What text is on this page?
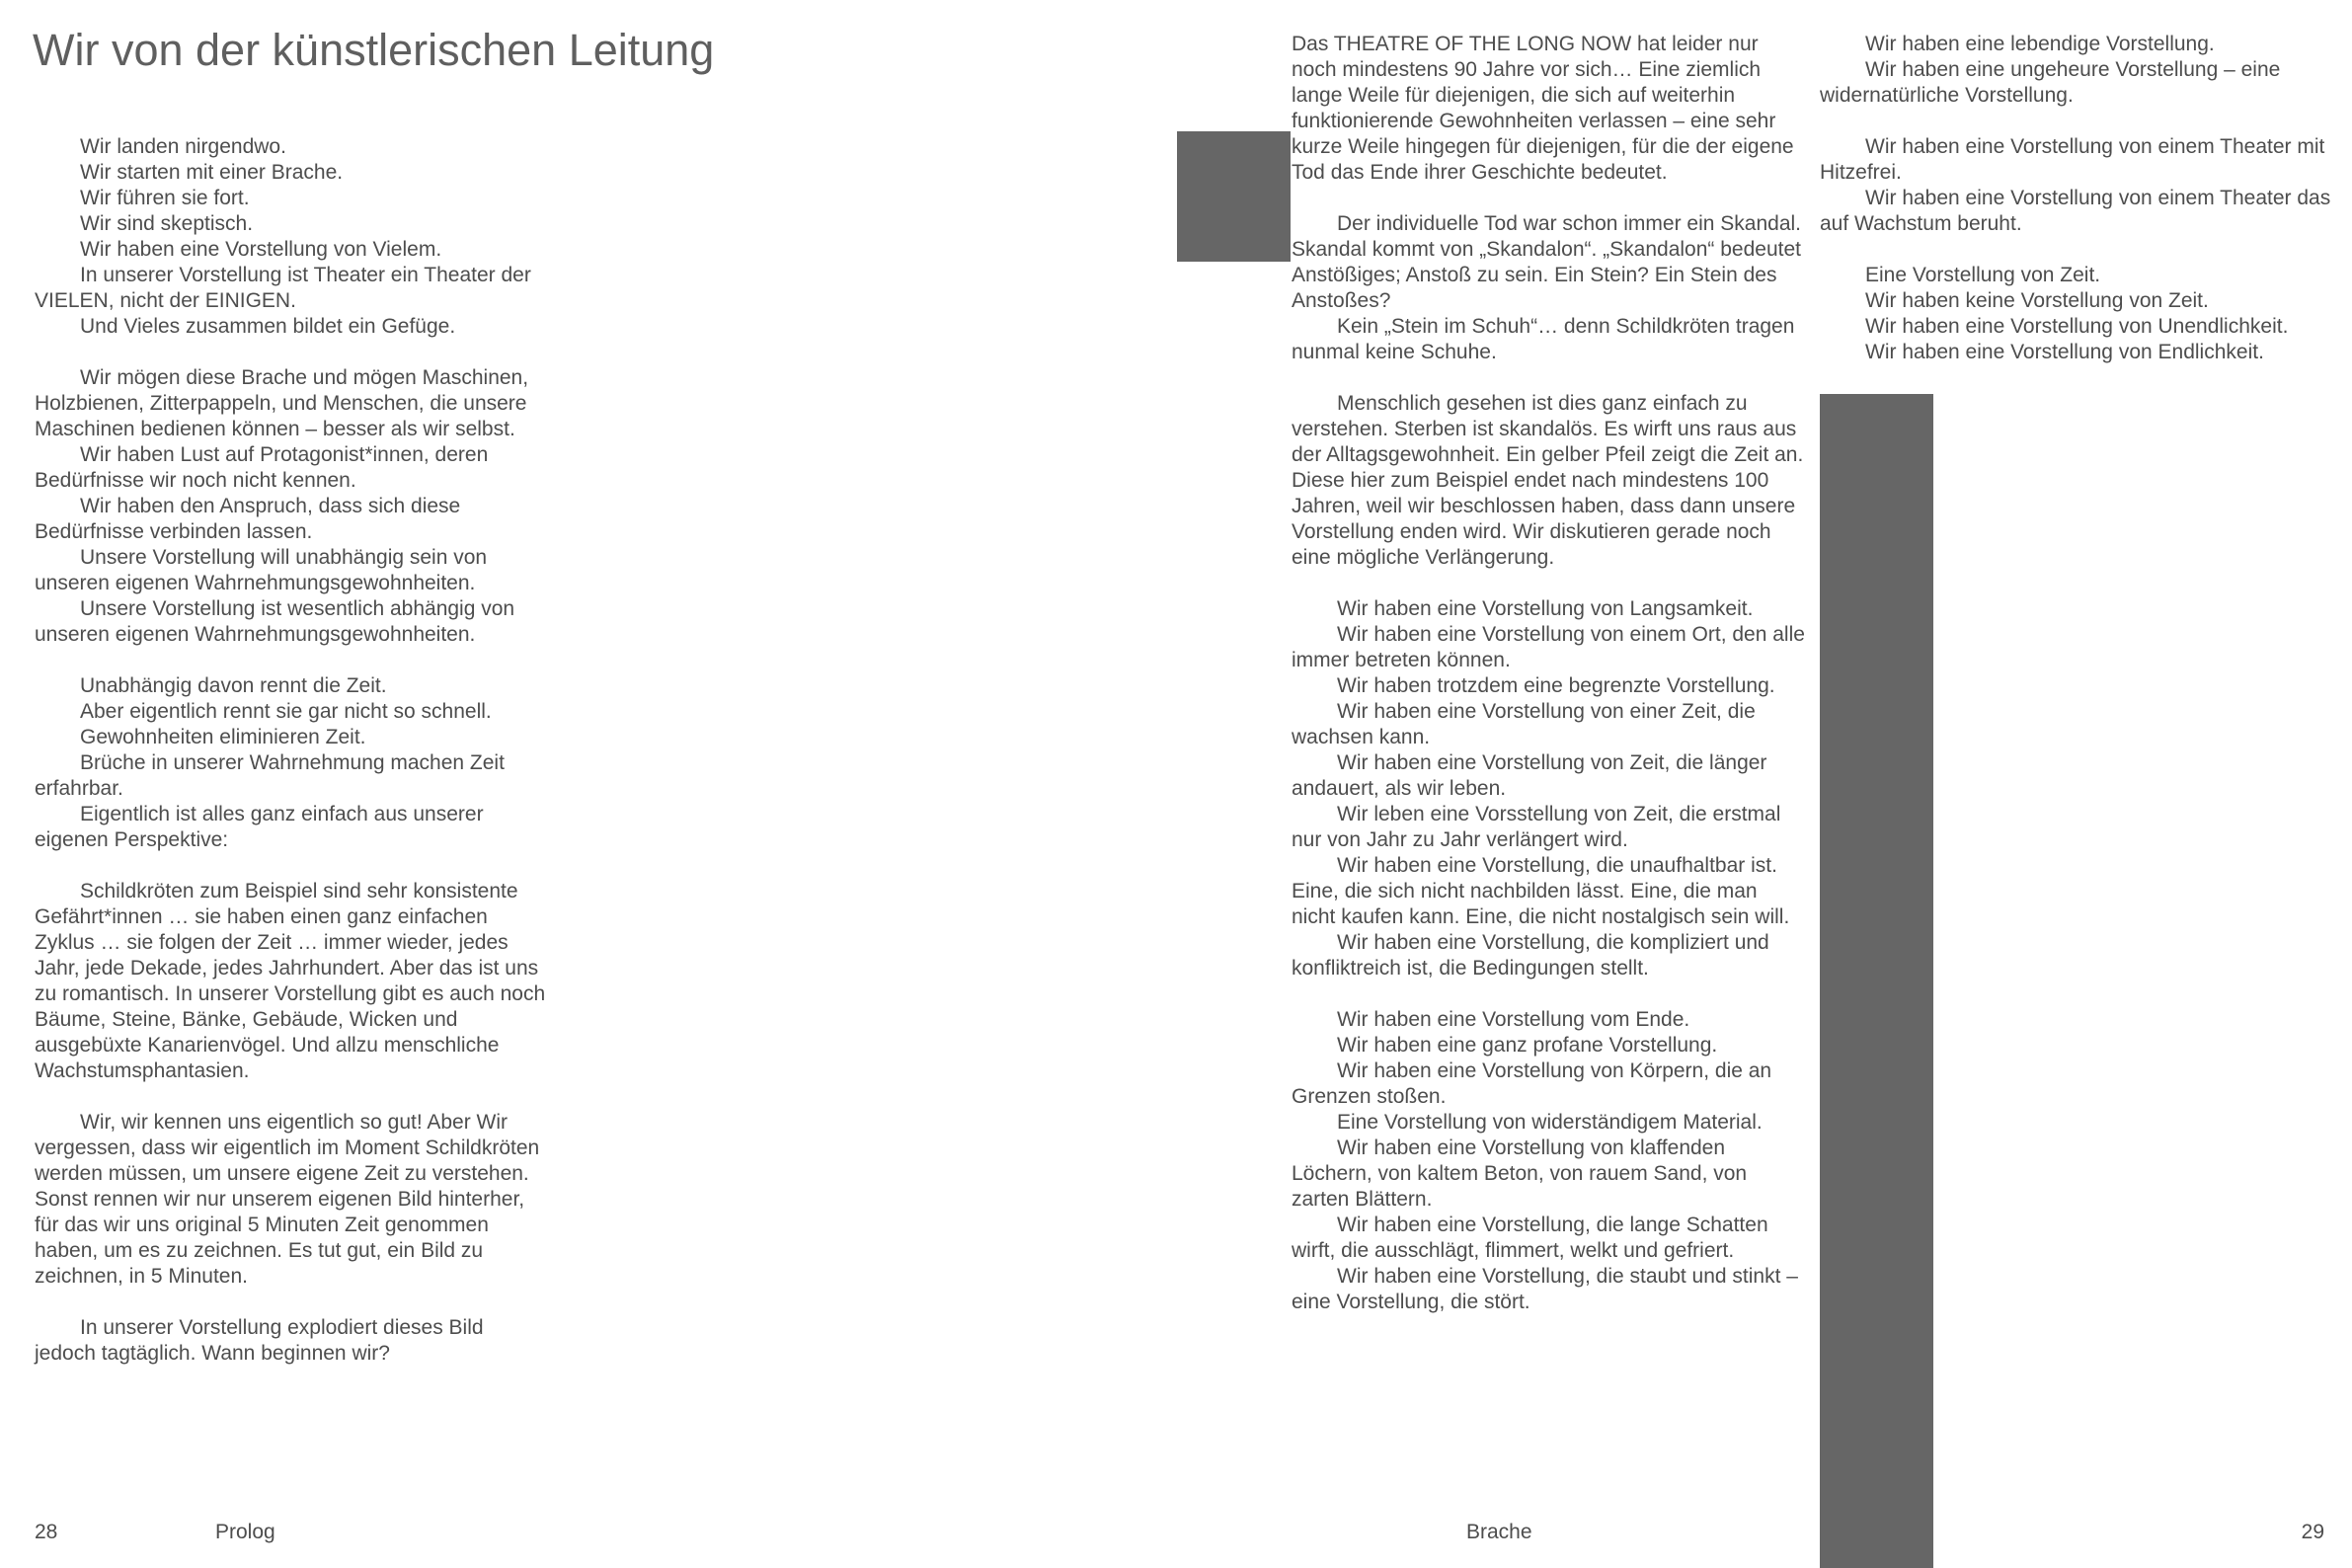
Wir von der künstlerischen Leitung

Wir landen nirgendwo.

Wir starten mit einer Brache.

Wir führen sie fort.

Wir sind skeptisch.

Wir haben eine Vorstellung von Vielem.

In unserer Vorstellung ist Theater ein Theater der VIELEN, nicht der EINIGEN.

Und Vieles zusammen bildet ein Gefüge.

Wir mögen diese Brache und mögen Maschinen, Holzbienen, Zitterpappeln, und Menschen, die unsere Maschinen bedienen können – besser als wir selbst.

Wir haben Lust auf Protagonist*innen, deren Bedürfnisse wir noch nicht kennen.

Wir haben den Anspruch, dass sich diese Bedürfnisse verbinden lassen.

Unsere Vorstellung will unabhängig sein von unseren eigenen Wahrnehmungsgewohnheiten.

Unsere Vorstellung ist wesentlich abhängig von unseren eigenen Wahrnehmungsgewohnheiten.

Unabhängig davon rennt die Zeit.

Aber eigentlich rennt sie gar nicht so schnell.

Gewohnheiten eliminieren Zeit.

Brüche in unserer Wahrnehmung machen Zeit erfahrbar.

Eigentlich ist alles ganz einfach aus unserer eigenen Perspektive:

Schildkröten zum Beispiel sind sehr konsistente Gefährt*innen … sie haben einen ganz einfachen Zyklus … sie folgen der Zeit … immer wieder, jedes Jahr, jede Dekade, jedes Jahrhundert. Aber das ist uns zu romantisch. In unserer Vorstellung gibt es auch noch Bäume, Steine, Bänke, Gebäude, Wicken und ausgebüxte Kanarienvögel. Und allzu menschliche Wachstumsphantasien.

Wir, wir kennen uns eigentlich so gut! Aber Wir vergessen, dass wir eigentlich im Moment Schildkröten werden müssen, um unsere eigene Zeit zu verstehen. Sonst rennen wir nur unserem eigenen Bild hinterher, für das wir uns original 5 Minuten Zeit genommen haben, um es zu zeichnen. Es tut gut, ein Bild zu zeichnen, in 5 Minuten.

In unserer Vorstellung explodiert dieses Bild jedoch tagtäglich. Wann beginnen wir?

Das THEATRE OF THE LONG NOW hat leider nur noch mindestens 90 Jahre vor sich… Eine ziemlich lange Weile für diejenigen, die sich auf weiterhin funktionierende Gewohnheiten verlassen – eine sehr kurze Weile hingegen für diejenigen, für die der eigene Tod das Ende ihrer Geschichte bedeutet.

Der individuelle Tod war schon immer ein Skandal. Skandal kommt von „Skandalon“. „Skandalon“ bedeutet Anstößiges; Anstoß zu sein. Ein Stein? Ein Stein des Anstoßes?

Kein „Stein im Schuh“… denn Schildkröten tragen nunmal keine Schuhe.

Menschlich gesehen ist dies ganz einfach zu verstehen. Sterben ist skandalös. Es wirft uns raus aus der Alltagsgewohnheit. Ein gelber Pfeil zeigt die Zeit an. Diese hier zum Beispiel endet nach mindestens 100 Jahren, weil wir beschlossen haben, dass dann unsere Vorstellung enden wird. Wir diskutieren gerade noch eine mögliche Verlängerung.

Wir haben eine Vorstellung von Langsamkeit.

Wir haben eine Vorstellung von einem Ort, den alle immer betreten können.

Wir haben trotzdem eine begrenzte Vorstellung.

Wir haben eine Vorstellung von einer Zeit, die wachsen kann.

Wir haben eine Vorstellung von Zeit, die länger andauert, als wir leben.

Wir leben eine Vorsstellung von Zeit, die erstmal nur von Jahr zu Jahr verlängert wird.

Wir haben eine Vorstellung, die unaufhaltbar ist. Eine, die sich nicht nachbilden lässt. Eine, die man nicht kaufen kann. Eine, die nicht nostalgisch sein will.

Wir haben eine Vorstellung, die kompliziert und konfliktreich ist, die Bedingungen stellt.

Wir haben eine Vorstellung vom Ende.

Wir haben eine ganz profane Vorstellung.

Wir haben eine Vorstellung von Körpern, die an Grenzen stoßen.

Eine Vorstellung von widerständigem Material.

Wir haben eine Vorstellung von klaffenden Löchern, von kaltem Beton, von rauem Sand, von zarten Blättern.

Wir haben eine Vorstellung, die lange Schatten wirft, die ausschlägt, flimmert, welkt und gefriert.

Wir haben eine Vorstellung, die staubt und stinkt – eine Vorstellung, die stört.

Wir haben eine lebendige Vorstellung.

Wir haben eine ungeheure Vorstellung – eine widernatürliche Vorstellung.

Wir haben eine Vorstellung von einem Theater mit Hitzefrei.

Wir haben eine Vorstellung von einem Theater das auf Wachstum beruht.

Eine Vorstellung von Zeit.

Wir haben keine Vorstellung von Zeit.

Wir haben eine Vorstellung von Unendlichkeit.

Wir haben eine Vorstellung von Endlichkeit.

28	Prolog	Brache	29
